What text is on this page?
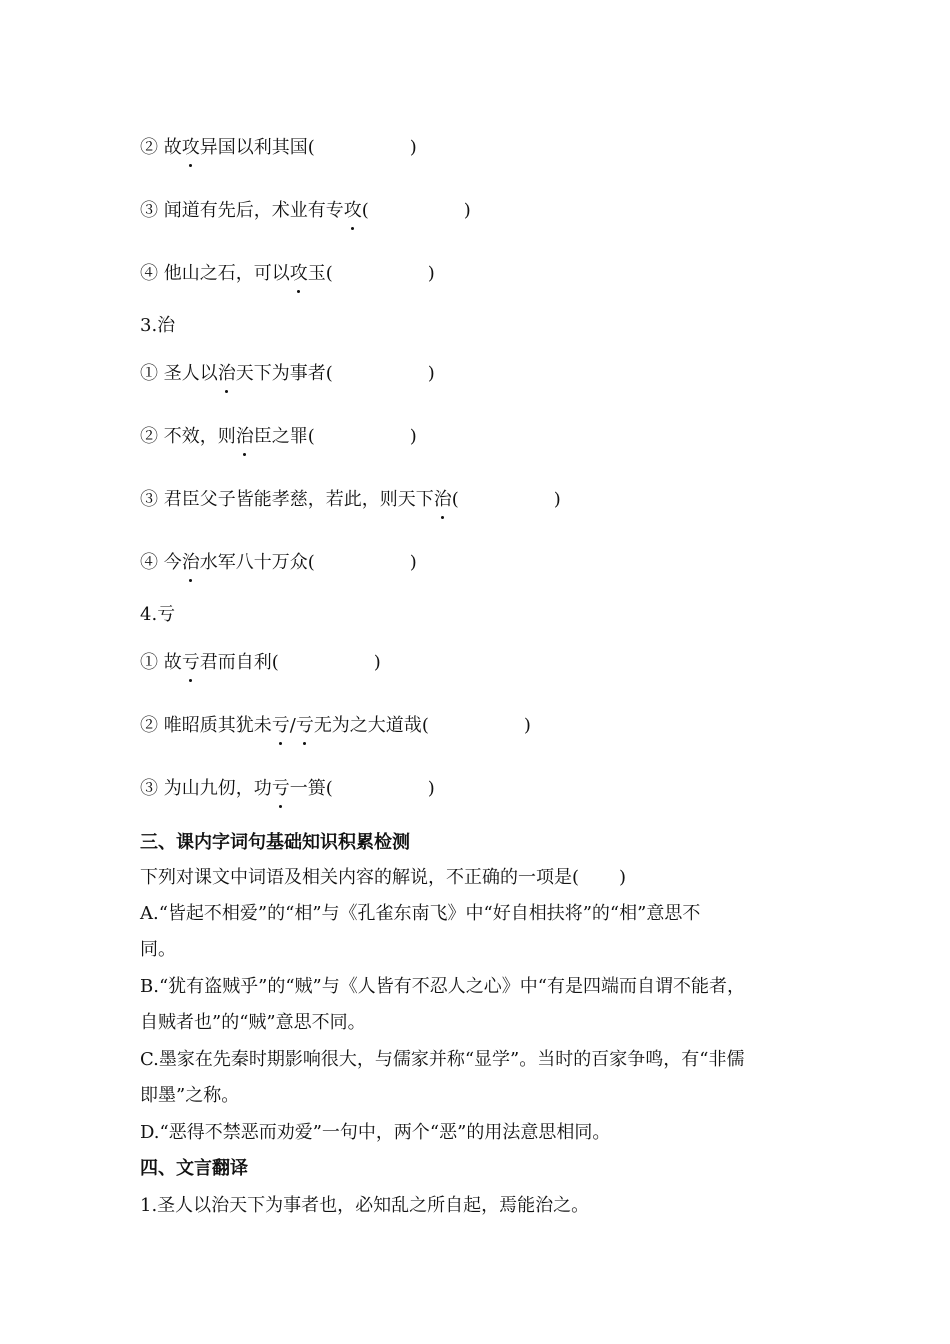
② 故攻异国以利其国(	)
③ 闻道有先后，术业有专攻(	)
④ 他山之石，可以攻玉(	)
3.治
① 圣人以治天下为事者(	)
② 不效，则治臣之罪(	)
③ 君臣父子皆能孝慈，若此，则天下治(	)
④ 今治水军八十万众(	)
4.亏
① 故亏君而自利(	)
② 唯昭质其犹未亏/亏无为之大道哉(	)
③ 为山九仞，功亏一篑(	)
三、课内字词句基础知识积累检测
下列对课文中词语及相关内容的解说，不正确的一项是( )
A.“皆起不相爱”的“相”与《孔雀东南飞》中“好自相扶将”的“相”意思不
同。
B.“犹有盗贼乎”的“贼”与《人皆有不忍人之心》中“有是四端而自谓不能者，
自贼者也”的“贼”意思不同。
C.墨家在先秦时期影响很大，与儒家并称“显学”。当时的百家争鸣，有“非儒
即墨”之称。
D.“恶得不禁恶而劝爱”一句中，两个“恶”的用法意思相同。
四、文言翻译
1.圣人以治天下为事者也，必知乱之所自起，焉能治之。
